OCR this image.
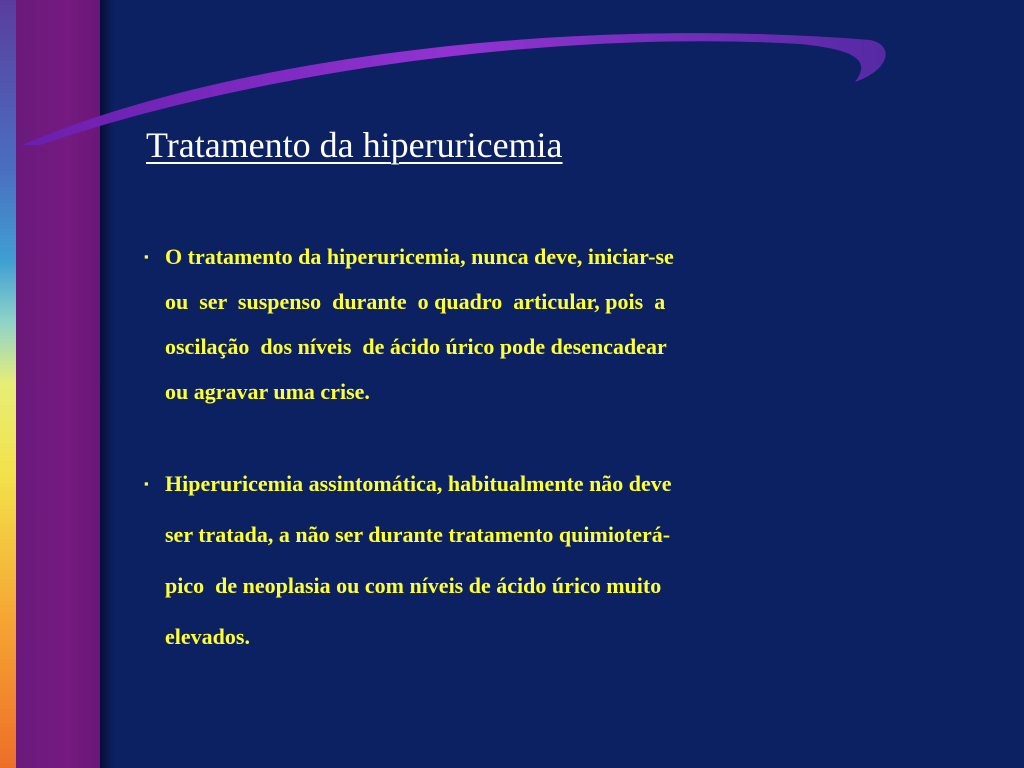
Tratamento da hiperuricemia
▪ O tratamento da hiperuricemia, nunca deve, iniciar-se
ou  ser  suspenso  durante  o quadro  articular, pois  a
oscilação  dos níveis  de ácido úrico pode desencadear
ou agravar uma crise.
▪ Hiperuricemia assintomática, habitualmente não deve
ser tratada, a não ser durante tratamento quimioterá-
pico  de neoplasia ou com níveis de ácido úrico muito
elevados.
